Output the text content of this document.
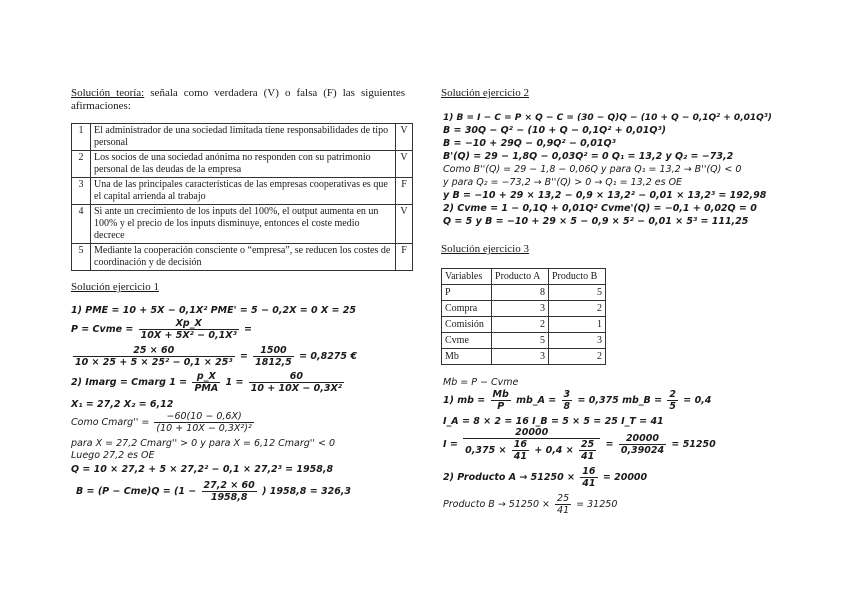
Solución teoría: señala como verdadera (V) o falsa (F) las siguientes afirmaciones:
1	El administrador de una sociedad limitada tiene responsabilidades de tipo personal	V
2	Los socios de una sociedad anónima no responden con su patrimonio personal de las deudas de la empresa	V
3	Una de las principales características de las empresas cooperativas es que el capital arrienda al trabajo	F
4	Si ante un crecimiento de los inputs del 100%, el output aumenta en un 100% y el precio de los inputs disminuye, entonces el coste medio decrece	V
5	Mediante la cooperación consciente o “empresa”, se reducen los costes de coordinación y de decisión	F
Solución ejercicio 1
1) PME = 10 + 5X − 0,1X² PME' = 5 − 0,2X = 0 X = 25
P = Cvme = $\frac{Xp\_X}{\text{10X + 5X² − 0,1X³}}$ =
$\frac{25 \times 60}{\text{10 × 25 + 5 × 25² − 0,1 × 25³}} = \frac{1500}{1812,5} = 0,8275$ €
2) Imarg = Cmarg $1 = \frac{p\_X}{\text{PMA}} 1 = \frac{60}{\text{10 + 10X − 0,3X²}}$
X₁ = 27,2 X₂ = 6,12
Como Cmarg'' = $\frac{-60(10 - 0,6X)}{\text{(10 + 10X − 0,3X²)²}}$
para X = 27,2 Cmarg'' > 0 y para X = 6,12 Cmarg'' < 0
Luego 27,2 es OE
Q = 10 × 27,2 + 5 × 27,2² − 0,1 × 27,2³ = 1958,8
$B = (P - Cme)Q = (1 - \frac{27,2 \times 60}{1958,8}$ ) 1958,8 = 326,3
Solución ejercicio 2
1) B = I − C = P × Q − C = (30 − Q)Q − (10 + Q − 0,1Q² + 0,01Q³)
B = 30Q − Q² − (10 + Q − 0,1Q² + 0,01Q³)
B = −10 + 29Q − 0,9Q² − 0,01Q³
B'(Q) = 29 − 1,8Q − 0,03Q² = 0 Q₁ = 13,2 y Q₂ = −73,2
Como B''(Q) = 29 − 1,8 − 0,06Q y para Q₁ = 13,2 → B''(Q) < 0
y para Q₂ = −73,2 → B''(Q) > 0 → Q₁ = 13,2 es OE
y B = −10 + 29 × 13,2 − 0,9 × 13,2² − 0,01 × 13,2³ = 192,98
2) Cvme = 1 − 0,1Q + 0,01Q² Cvme'(Q) = −0,1 + 0,02Q = 0
Q = 5 y B = −10 + 29 × 5 − 0,9 × 5² − 0,01 × 5³ = 111,25
Solución ejercicio 3
Variables	Producto A	Producto B
P	8	5
Compra	3	2
Comisión	2	1
Cvme	5	3
Mb	3	2
Mb = P − Cvme
1) mb = $\frac{Mb}{P}$ mb_A = $\frac{3}{8} = 0,375$ mb_B = $\frac{2}{5} = 0,4$
I_A = 8 × 2 = 16 I_B = 5 × 5 = 25 I_T = 41
$I = \frac{20000}{0,375 \times \frac{16}{41} + 0,4 \times \frac{25}{41}} = \frac{20000}{0,39024} = 51250$
2) Producto $A \to 51250 \times \frac{16}{41} = 20000$
Producto $B \to 51250 \times \frac{25}{41} = 31250$
